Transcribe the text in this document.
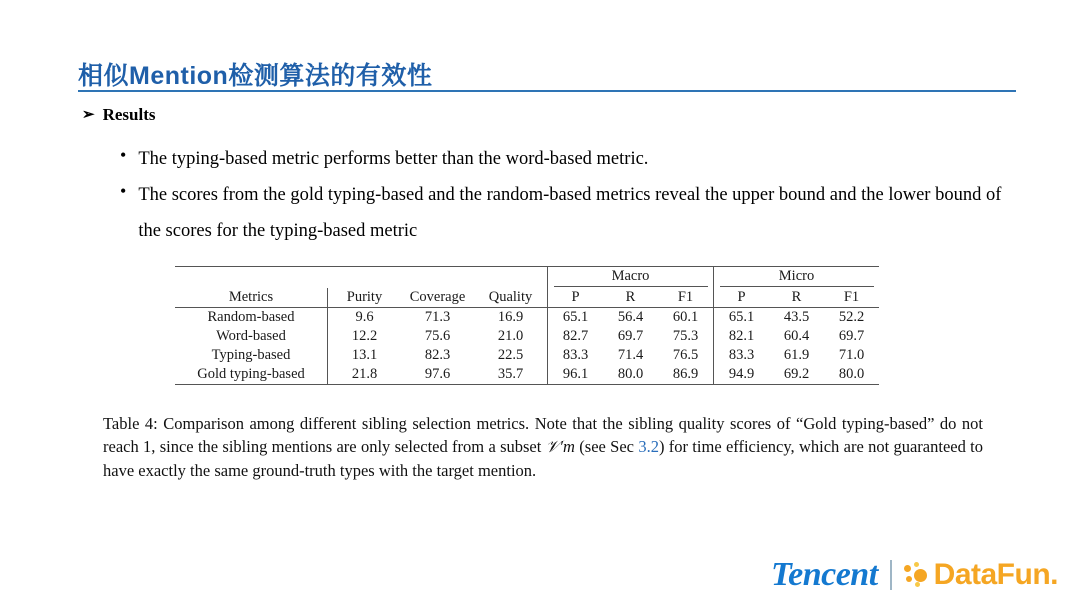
相似Mention检测算法的有效性
➢ Results
• The typing-based metric performs better than the word-based metric.
• The scores from the gold typing-based and the random-based metrics reveal the upper bound and the lower bound of the scores for the typing-based metric
				Macro			Micro		
Metrics	Purity	Coverage	Quality	P	R	F1	P	R	F1
Random-based	9.6	71.3	16.9	65.1	56.4	60.1	65.1	43.5	52.2
Word-based	12.2	75.6	21.0	82.7	69.7	75.3	82.1	60.4	69.7
Typing-based	13.1	82.3	22.5	83.3	71.4	76.5	83.3	61.9	71.0
Gold typing-based	21.8	97.6	35.7	96.1	80.0	86.9	94.9	69.2	80.0
Table 4: Comparison among different sibling selection metrics. Note that the sibling quality scores of “Gold typing-based” do not reach 1, since the sibling mentions are only selected from a subset 𝒱′m (see Sec 3.2) for time efficiency, which are not guaranteed to have exactly the same ground-truth types with the target mention.
Tencent DataFun.
